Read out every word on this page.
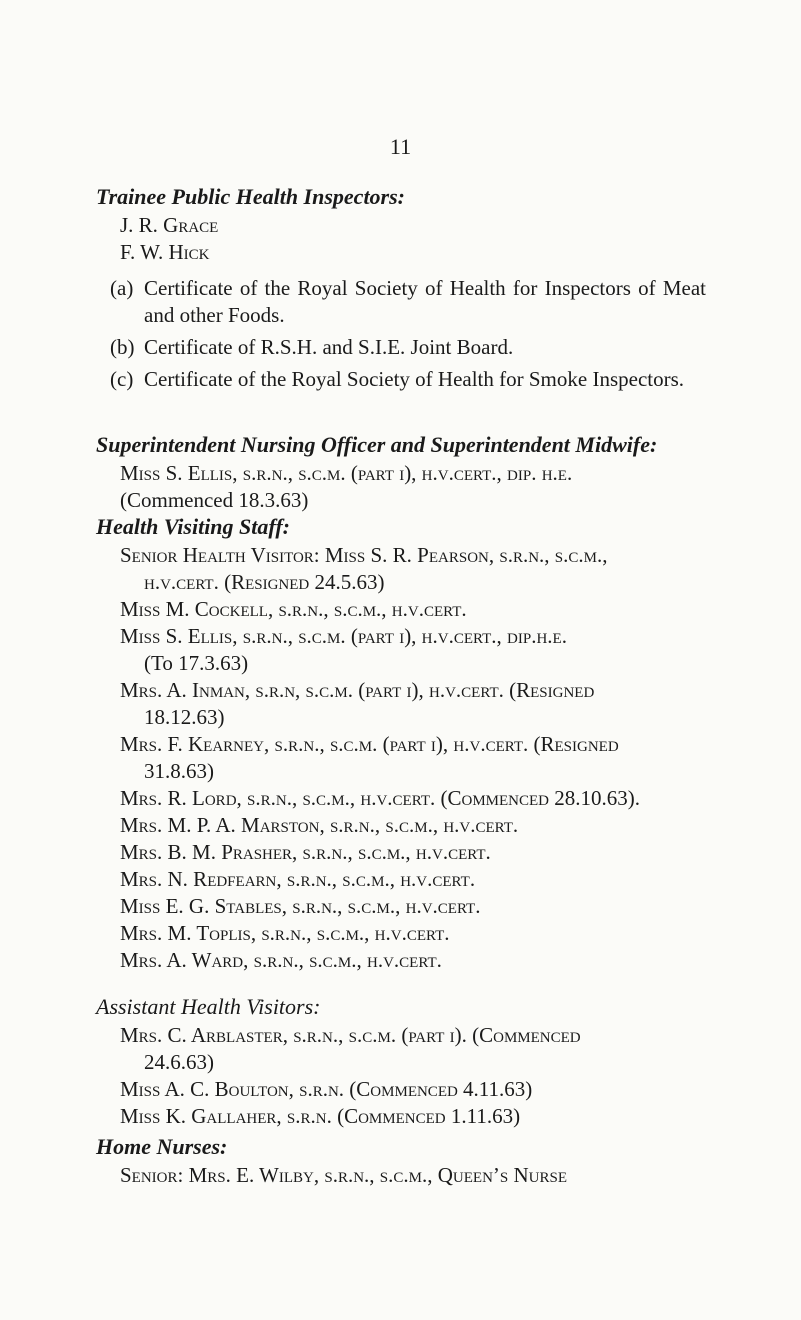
11

Trainee Public Health Inspectors:

J. R. Grace

F. W. Hick

(a) Certificate of the Royal Society of Health for Inspectors of Meat and other Foods.
(b) Certificate of R.S.H. and S.I.E. Joint Board.
(c) Certificate of the Royal Society of Health for Smoke Inspectors.

Superintendent Nursing Officer and Superintendent Midwife:

Miss S. Ellis, s.r.n., s.c.m. (part i), h.v.cert., dip. h.e.

(Commenced 18.3.63)

Health Visiting Staff:

Senior Health Visitor: Miss S. R. Pearson, s.r.n., s.c.m.,

h.v.cert. (Resigned 24.5.63)

Miss M. Cockell, s.r.n., s.c.m., h.v.cert.

Miss S. Ellis, s.r.n., s.c.m. (part i), h.v.cert., dip.h.e.

(To 17.3.63)

Mrs. A. Inman, s.r.n, s.c.m. (part i), h.v.cert. (Resigned

18.12.63)

Mrs. F. Kearney, s.r.n., s.c.m. (part i), h.v.cert. (Resigned

31.8.63)

Mrs. R. Lord, s.r.n., s.c.m., h.v.cert. (Commenced 28.10.63).

Mrs. M. P. A. Marston, s.r.n., s.c.m., h.v.cert.

Mrs. B. M. Prasher, s.r.n., s.c.m., h.v.cert.

Mrs. N. Redfearn, s.r.n., s.c.m., h.v.cert.

Miss E. G. Stables, s.r.n., s.c.m., h.v.cert.

Mrs. M. Toplis, s.r.n., s.c.m., h.v.cert.

Mrs. A. Ward, s.r.n., s.c.m., h.v.cert.

Assistant Health Visitors:

Mrs. C. Arblaster, s.r.n., s.c.m. (part i). (Commenced

24.6.63)

Miss A. C. Boulton, s.r.n. (Commenced 4.11.63)

Miss K. Gallaher, s.r.n. (Commenced 1.11.63)

Home Nurses:

Senior: Mrs. E. Wilby, s.r.n., s.c.m., Queen’s Nurse
